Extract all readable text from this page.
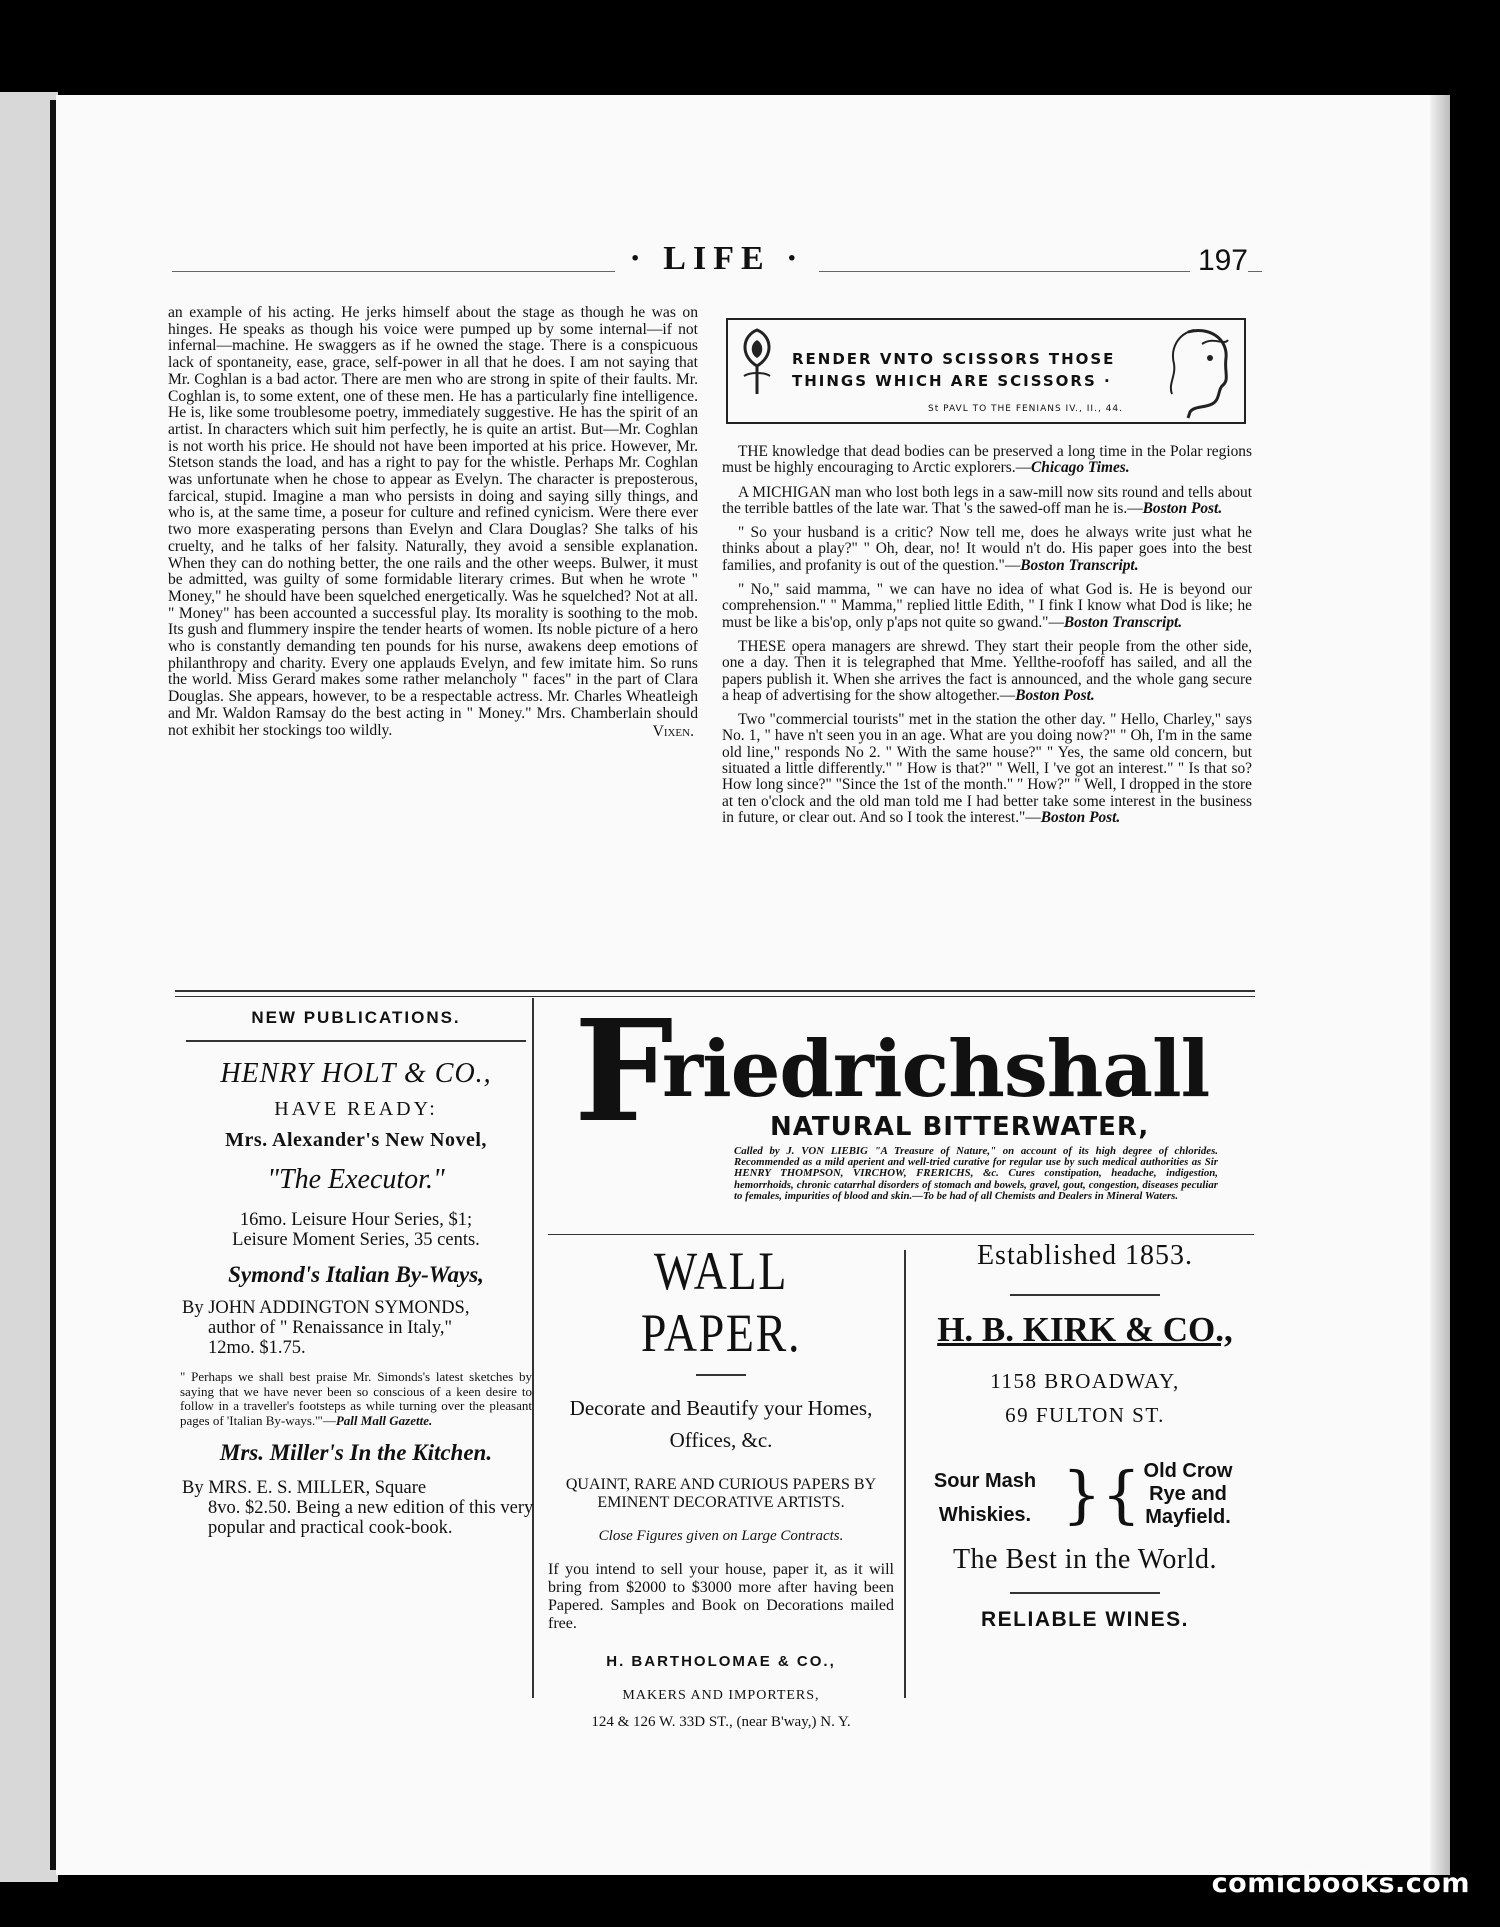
· LIFE ·	197

an example of his acting. He jerks himself about the stage as though he was on hinges. He speaks as though his voice were pumped up by some internal—if not infernal—machine. He swaggers as if he owned the stage. There is a conspicuous lack of spontaneity, ease, grace, self-power in all that he does. I am not saying that Mr. Coghlan is a bad actor. There are men who are strong in spite of their faults. Mr. Coghlan is, to some extent, one of these men. He has a particularly fine intelligence. He is, like some troublesome poetry, immediately suggestive. He has the spirit of an artist. In characters which suit him perfectly, he is quite an artist. But—Mr. Coghlan is not worth his price. He should not have been imported at his price. However, Mr. Stetson stands the load, and has a right to pay for the whistle. Perhaps Mr. Coghlan was unfortunate when he chose to appear as Evelyn. The character is preposterous, farcical, stupid. Imagine a man who persists in doing and saying silly things, and who is, at the same time, a poseur for culture and refined cynicism. Were there ever two more exasperating persons than Evelyn and Clara Douglas? She talks of his cruelty, and he talks of her falsity. Naturally, they avoid a sensible explanation. When they can do nothing better, the one rails and the other weeps. Bulwer, it must be admitted, was guilty of some formidable literary crimes. But when he wrote " Money," he should have been squelched energetically. Was he squelched? Not at all. " Money" has been accounted a successful play. Its morality is soothing to the mob. Its gush and flummery inspire the tender hearts of women. Its noble picture of a hero who is constantly demanding ten pounds for his nurse, awakens deep emotions of philanthropy and charity. Every one applauds Evelyn, and few imitate him. So runs the world. Miss Gerard makes some rather melancholy " faces" in the part of Clara Douglas. She appears, however, to be a respectable actress. Mr. Charles Wheatleigh and Mr. Waldon Ramsay do the best acting in " Money." Mrs. Chamberlain should not exhibit her stockings too wildly.	Vixen.
RENDER VNTO SCISSORS THOSE
THINGS WHICH ARE SCISSORS ·
St PAVL TO THE FENIANS IV., II., 44.

THE knowledge that dead bodies can be preserved a long time in the Polar regions must be highly encouraging to Arctic explorers.—Chicago Times.

A MICHIGAN man who lost both legs in a saw-mill now sits round and tells about the terrible battles of the late war. That 's the sawed-off man he is.—Boston Post.

" So your husband is a critic? Now tell me, does he always write just what he thinks about a play?" " Oh, dear, no! It would n't do. His paper goes into the best families, and profanity is out of the question."—Boston Transcript.

" No," said mamma, " we can have no idea of what God is. He is beyond our comprehension." " Mamma," replied little Edith, " I fink I know what Dod is like; he must be like a bis'op, only p'aps not quite so gwand."—Boston Transcript.

THESE opera managers are shrewd. They start their people from the other side, one a day. Then it is telegraphed that Mme. Yellthe-roofoff has sailed, and all the papers publish it. When she arrives the fact is announced, and the whole gang secure a heap of advertising for the show altogether.—Boston Post.

Two "commercial tourists" met in the station the other day. " Hello, Charley," says No. 1, " have n't seen you in an age. What are you doing now?" " Oh, I'm in the same old line," responds No 2. " With the same house?" " Yes, the same old concern, but situated a little differently." " How is that?" " Well, I 've got an interest." " Is that so? How long since?" "Since the 1st of the month." " How?" " Well, I dropped in the store at ten o'clock and the old man told me I had better take some interest in the business in future, or clear out. And so I took the interest."—Boston Post.

NEW PUBLICATIONS.
HENRY HOLT & CO.,
HAVE READY:
Mrs. Alexander's New Novel,
"The Executor."
16mo. Leisure Hour Series, $1;
Leisure Moment Series, 35 cents.
Symond's Italian By-Ways,
By JOHN ADDINGTON SYMONDS,
author of " Renaissance in Italy,"
12mo. $1.75.
" Perhaps we shall best praise Mr. Simonds's latest sketches by saying that we have never been so conscious of a keen desire to follow in a traveller's footsteps as while turning over the pleasant pages of 'Italian By-ways.'"—Pall Mall Gazette.
Mrs. Miller's In the Kitchen.
By MRS. E. S. MILLER, Square
8vo. $2.50. Being a new edition of this very popular and practical cook-book.
F
riedrichshall
NATURAL BITTERWATER,
Called by J. VON LIEBIG "A Treasure of Nature," on account of its high degree of chlorides. Recommended as a mild aperient and well-tried curative for regular use by such medical authorities as Sir HENRY THOMPSON, VIRCHOW, FRERICHS, &c. Cures constipation, headache, indigestion, hemorrhoids, chronic catarrhal disorders of stomach and bowels, gravel, gout, congestion, diseases peculiar to females, impurities of blood and skin.—To be had of all Chemists and Dealers in Mineral Waters.
WALL PAPER.
Decorate and Beautify your Homes, Offices, &c.
QUAINT, RARE AND CURIOUS PAPERS BY EMINENT DECORATIVE ARTISTS.
Close Figures given on Large Contracts.
If you intend to sell your house, paper it, as it will bring from $2000 to $3000 more after having been Papered. Samples and Book on Decorations mailed free.
H. BARTHOLOMAE & CO.,
MAKERS AND IMPORTERS,
124 & 126 W. 33D ST., (near B'way,) N. Y.
Established 1853.
H. B. KIRK & CO.,
1158 BROADWAY,
69 FULTON ST.
Sour Mash
Whiskies. }{ Old Crow
Rye and
Mayfield.
The Best in the World.
RELIABLE WINES.
comicbooks.com
